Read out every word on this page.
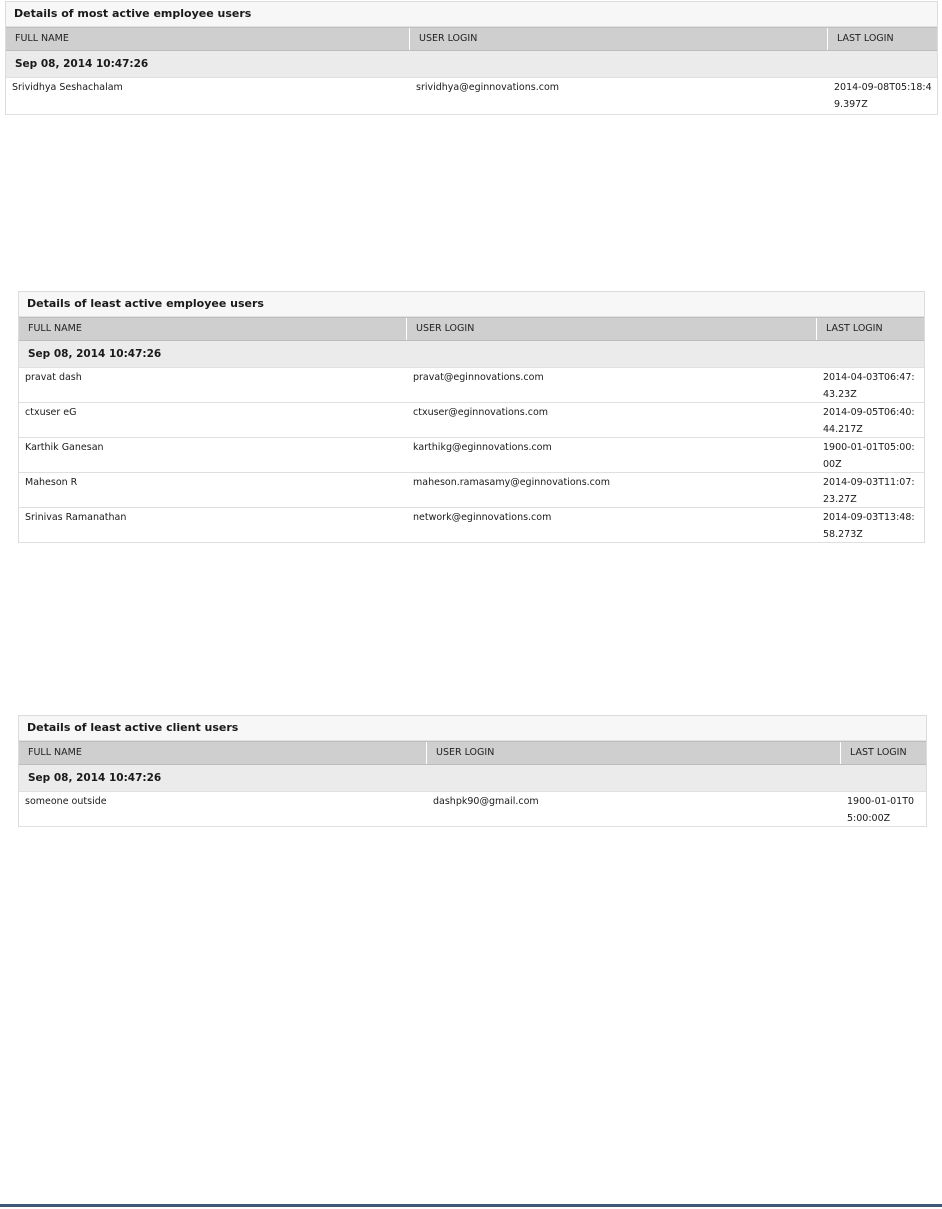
Details of most active employee users
FULL NAME	USER LOGIN	LAST LOGIN
Sep 08, 2014 10:47:26
Srividhya Seshachalam	srividhya@eginnovations.com	2014-09-08T05:18:49.397Z
Details of least active employee users
FULL NAME	USER LOGIN	LAST LOGIN
Sep 08, 2014 10:47:26
pravat dash	pravat@eginnovations.com	2014-04-03T06:47:43.23Z
ctxuser eG	ctxuser@eginnovations.com	2014-09-05T06:40:44.217Z
Karthik Ganesan	karthikg@eginnovations.com	1900-01-01T05:00:00Z
Maheson R	maheson.ramasamy@eginnovations.com	2014-09-03T11:07:23.27Z
Srinivas Ramanathan	network@eginnovations.com	2014-09-03T13:48:58.273Z
Details of least active client users
FULL NAME	USER LOGIN	LAST LOGIN
Sep 08, 2014 10:47:26
someone outside	dashpk90@gmail.com	1900-01-01T05:00:00Z
